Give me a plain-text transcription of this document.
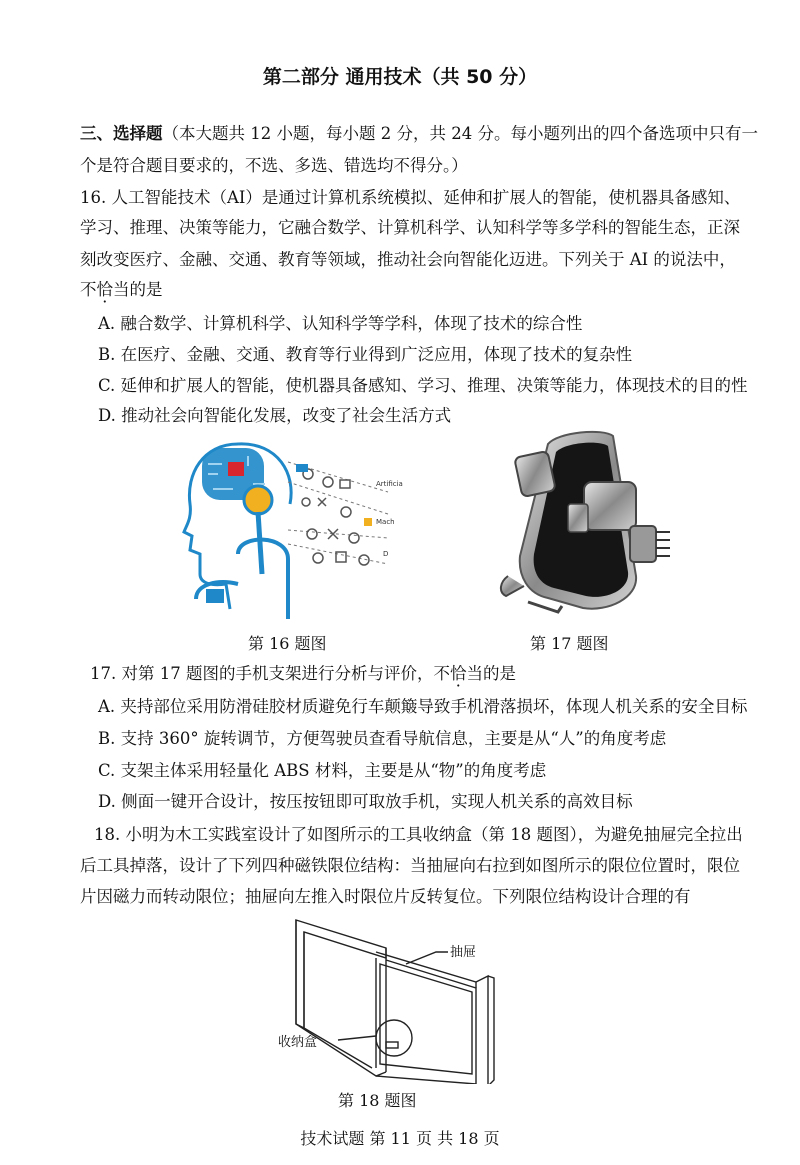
第二部分 通用技术（共 50 分）
三、选择题（本大题共 12 小题，每小题 2 分，共 24 分。每小题列出的四个备选项中只有一
个是符合题目要求的，不选、多选、错选均不得分。）
16. 人工智能技术（AI）是通过计算机系统模拟、延伸和扩展人的智能，使机器具备感知、
学习、推理、决策等能力，它融合数学、计算机科学、认知科学等多学科的智能生态，正深
刻改变医疗、金融、交通、教育等领域，推动社会向智能化迈进。下列关于 AI 的说法中，
不恰当的是
A. 融合数学、计算机科学、认知科学等学科，体现了技术的综合性
B. 在医疗、金融、交通、教育等行业得到广泛应用，体现了技术的复杂性
C. 延伸和扩展人的智能，使机器具备感知、学习、推理、决策等能力，体现技术的目的性
D. 推动社会向智能化发展，改变了社会生活方式
Artificia
Mach
D
第 16 题图	第 17 题图
17. 对第 17 题图的手机支架进行分析与评价，不恰当的是
A. 夹持部位采用防滑硅胶材质避免行车颠簸导致手机滑落损坏，体现人机关系的安全目标
B. 支持 360° 旋转调节，方便驾驶员查看导航信息，主要是从“人”的角度考虑
C. 支架主体采用轻量化 ABS 材料，主要是从“物”的角度考虑
D. 侧面一键开合设计，按压按钮即可取放手机，实现人机关系的高效目标
18. 小明为木工实践室设计了如图所示的工具收纳盒（第 18 题图），为避免抽屉完全拉出
后工具掉落，设计了下列四种磁铁限位结构：当抽屉向右拉到如图所示的限位位置时，限位
片因磁力而转动限位；抽屉向左推入时限位片反转复位。下列限位结构设计合理的有
抽屉
收纳盒
第 18 题图
技术试题 第 11 页 共 18 页
